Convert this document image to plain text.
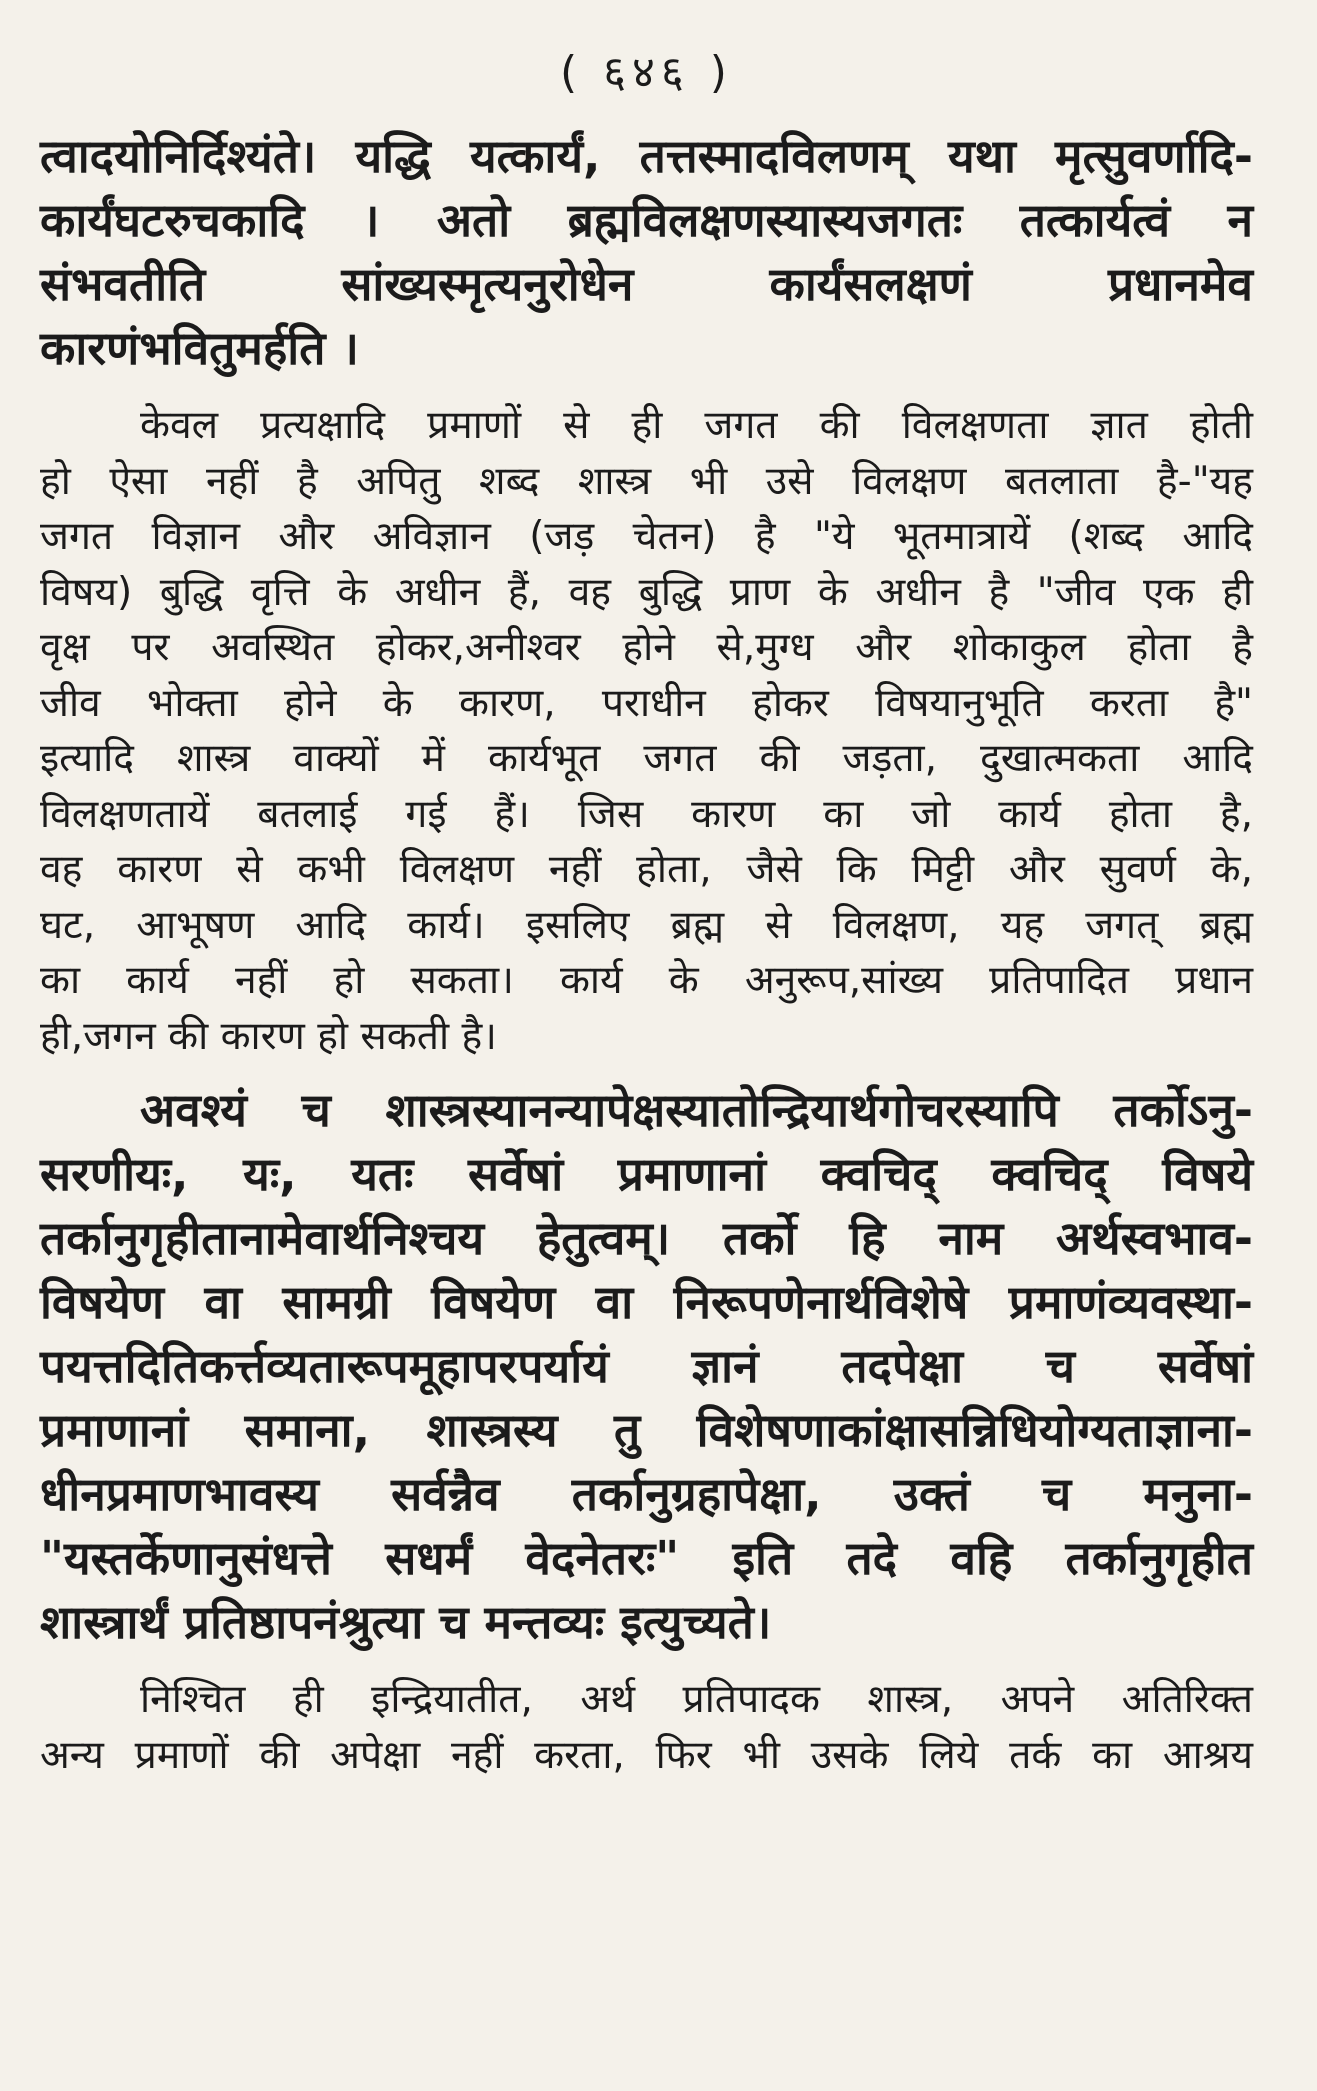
( ६४६ )
त्वादयोनिर्दिश्यंते। यद्धि यत्कार्यं, तत्तस्मादविलणम् यथा मृत्सुवर्णादि-
कार्यंघटरुचकादि । अतो ब्रह्मविलक्षणस्यास्यजगतः तत्कार्यत्वं न
संभवतीति सांख्यस्मृत्यनुरोधेन कार्यंसलक्षणं प्रधानमेव
कारणंभवितुमर्हति ।
केवल प्रत्यक्षादि प्रमाणों से ही जगत की विलक्षणता ज्ञात होती
हो ऐसा नहीं है अपितु शब्द शास्त्र भी उसे विलक्षण बतलाता है-"यह
जगत विज्ञान और अविज्ञान (जड़ चेतन) है "ये भूतमात्रायें (शब्द आदि
विषय) बुद्धि वृत्ति के अधीन हैं, वह बुद्धि प्राण के अधीन है "जीव एक ही
वृक्ष पर अवस्थित होकर,अनीश्वर होने से,मुग्ध और शोकाकुल होता है
जीव भोक्ता होने के कारण, पराधीन होकर विषयानुभूति करता है"
इत्यादि शास्त्र वाक्यों में कार्यभूत जगत की जड़ता, दुखात्मकता आदि
विलक्षणतायें बतलाई गई हैं। जिस कारण का जो कार्य होता है,
वह कारण से कभी विलक्षण नहीं होता, जैसे कि मिट्टी और सुवर्ण के,
घट, आभूषण आदि कार्य। इसलिए ब्रह्म से विलक्षण, यह जगत् ब्रह्म
का कार्य नहीं हो सकता। कार्य के अनुरूप,सांख्य प्रतिपादित प्रधान
ही,जगन की कारण हो सकती है।
अवश्यं च शास्त्रस्यानन्यापेक्षस्यातोन्द्रियार्थगोचरस्यापि तर्कोऽनु-
सरणीयः, यः, यतः सर्वेषां प्रमाणानां क्वचिद् क्वचिद् विषये
तर्कानुगृहीतानामेवार्थनिश्चय हेतुत्वम्। तर्को हि नाम अर्थस्वभाव-
विषयेण वा सामग्री विषयेण वा निरूपणेनार्थविशेषे प्रमाणंव्यवस्था-
पयत्तदितिकर्त्तव्यतारूपमूहापरपर्यायं ज्ञानं तदपेक्षा च सर्वेषां
प्रमाणानां समाना, शास्त्रस्य तु विशेषणाकांक्षासन्निधियोग्यताज्ञाना-
धीनप्रमाणभावस्य सर्वन्नैव तर्कानुग्रहापेक्षा, उक्तं च मनुना-
"यस्तर्केणानुसंधत्ते सधर्मं वेदनेतरः" इति तदे वहि तर्कानुगृहीत
शास्त्रार्थं प्रतिष्ठापनंश्रुत्या च मन्तव्यः इत्युच्यते।
निश्चित ही इन्द्रियातीत, अर्थ प्रतिपादक शास्त्र, अपने अतिरिक्त
अन्य प्रमाणों की अपेक्षा नहीं करता, फिर भी उसके लिये तर्क का आश्रय
